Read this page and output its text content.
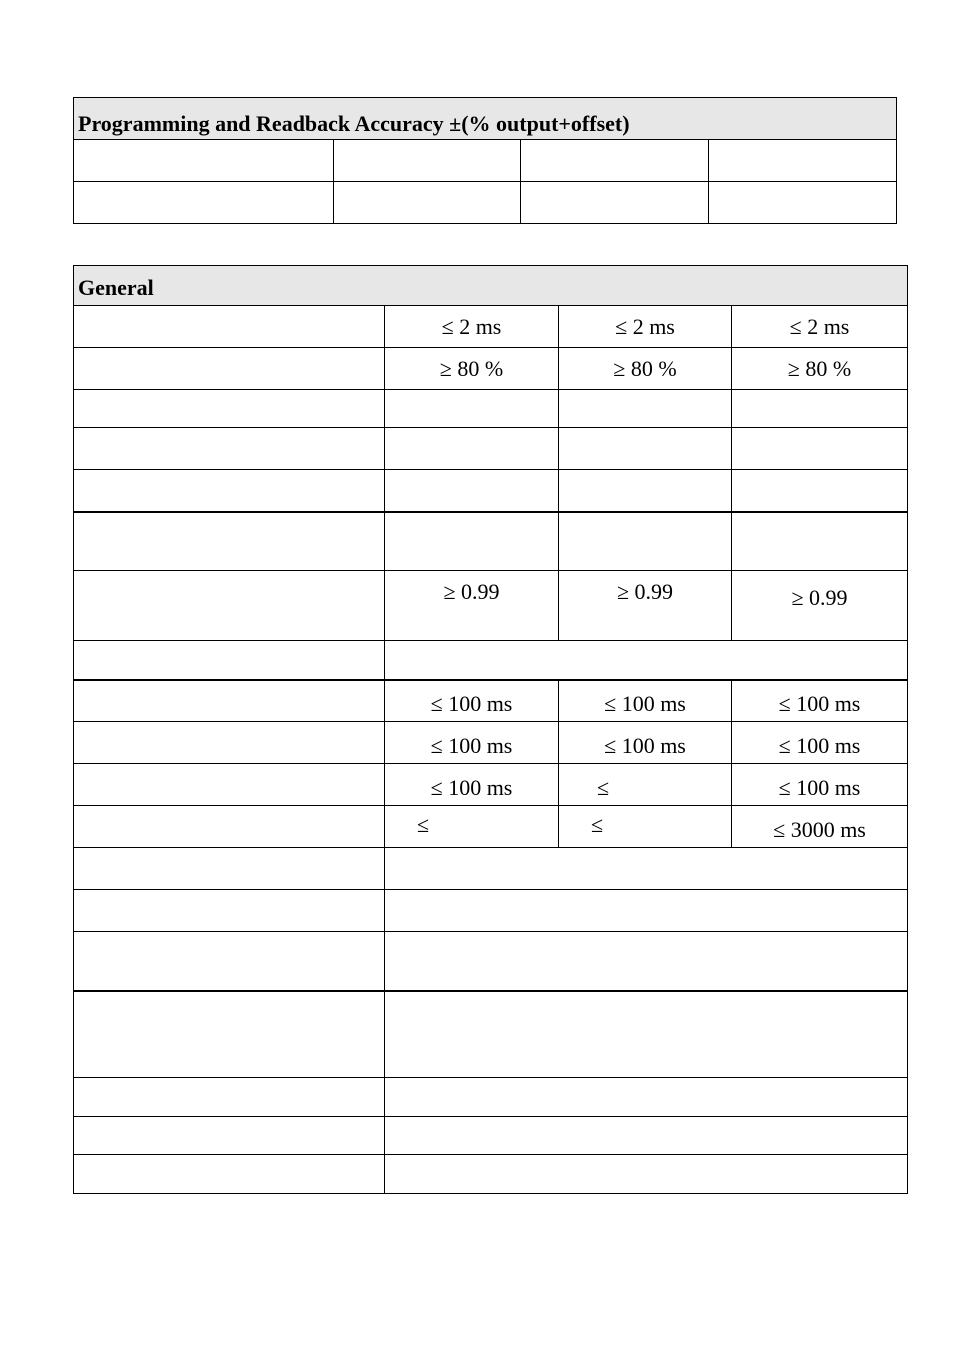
Programming and Readback Accuracy ±(% output+offset)			

General			
	≤ 2 ms	≤ 2 ms	≤ 2 ms
	≥ 80 %	≥ 80 %	≥ 80 %

	≥ 0.99	≥ 0.99	≥ 0.99

	≤ 100 ms	≤ 100 ms	≤ 100 ms
	≤ 100 ms	≤ 100 ms	≤ 100 ms
	≤ 100 ms	≤	≤ 100 ms
	≤	≤	≤ 3000 ms
